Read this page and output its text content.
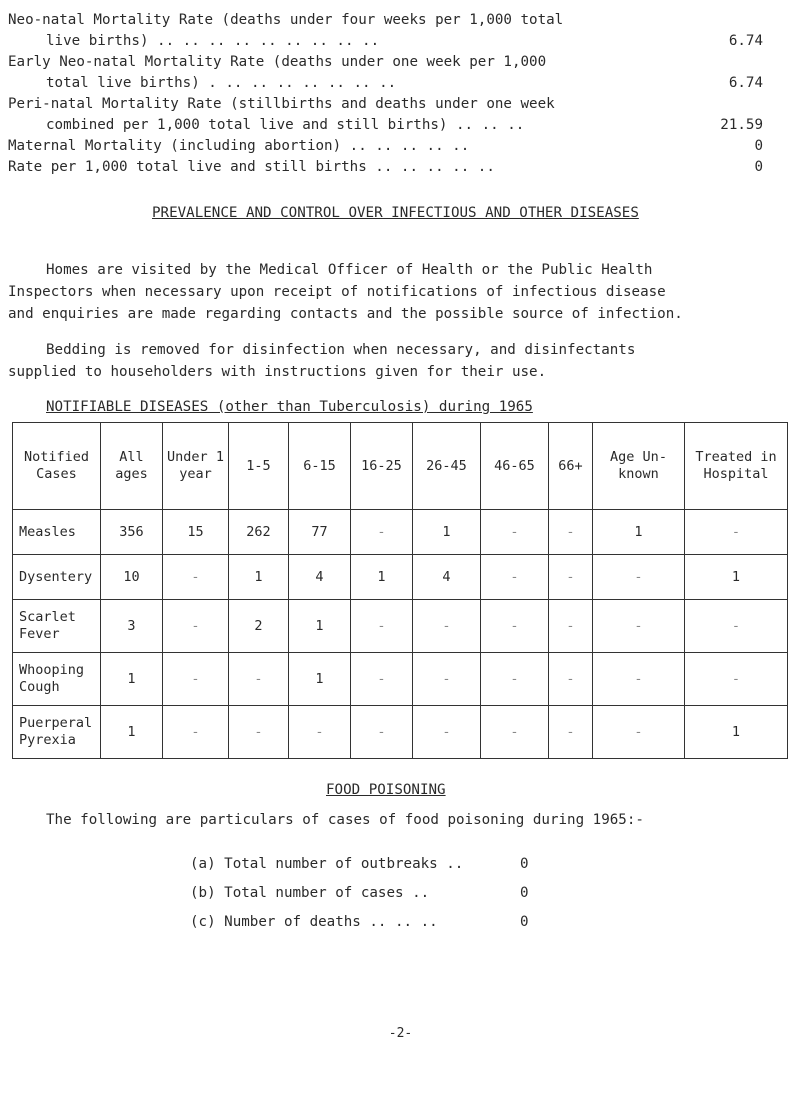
Neo-natal Mortality Rate (deaths under four weeks per 1,000 total
live births) .. .. .. .. .. .. .. .. ..	6.74
Early Neo-natal Mortality Rate (deaths under one week per 1,000
total live births) . .. .. .. .. .. .. ..	6.74
Peri-natal Mortality Rate (stillbirths and deaths under one week
combined per 1,000 total live and still births) .. .. ..	21.59
Maternal Mortality (including abortion) .. .. .. .. ..	0
Rate per 1,000 total live and still births .. .. .. .. ..	0
PREVALENCE AND CONTROL OVER INFECTIOUS AND OTHER DISEASES
Homes are visited by the Medical Officer of Health or the Public Health
Inspectors when necessary upon receipt of notifications of infectious disease
and enquiries are made regarding contacts and the possible source of infection.
Bedding is removed for disinfection when necessary, and disinfectants
supplied to householders with instructions given for their use.
NOTIFIABLE DISEASES (other than Tuberculosis) during 1965
Notified Cases	All ages	Under 1 year	1-5	6-15	16-25	26-45	46-65	66+	Age Un-known	Treated in Hospital
Measles	356	15	262	77	-	1	-	-	1	-
Dysentery	10	-	1	4	1	4	-	-	-	1
Scarlet Fever	3	-	2	1	-	-	-	-	-	-
Whooping Cough	1	-	-	1	-	-	-	-	-	-
Puerperal Pyrexia	1	-	-	-	-	-	-	-	-	1
FOOD POISONING
The following are particulars of cases of food poisoning during 1965:-
(a) Total number of outbreaks ..	0
(b) Total number of cases ..	0
(c) Number of deaths .. .. ..	0
-2-
